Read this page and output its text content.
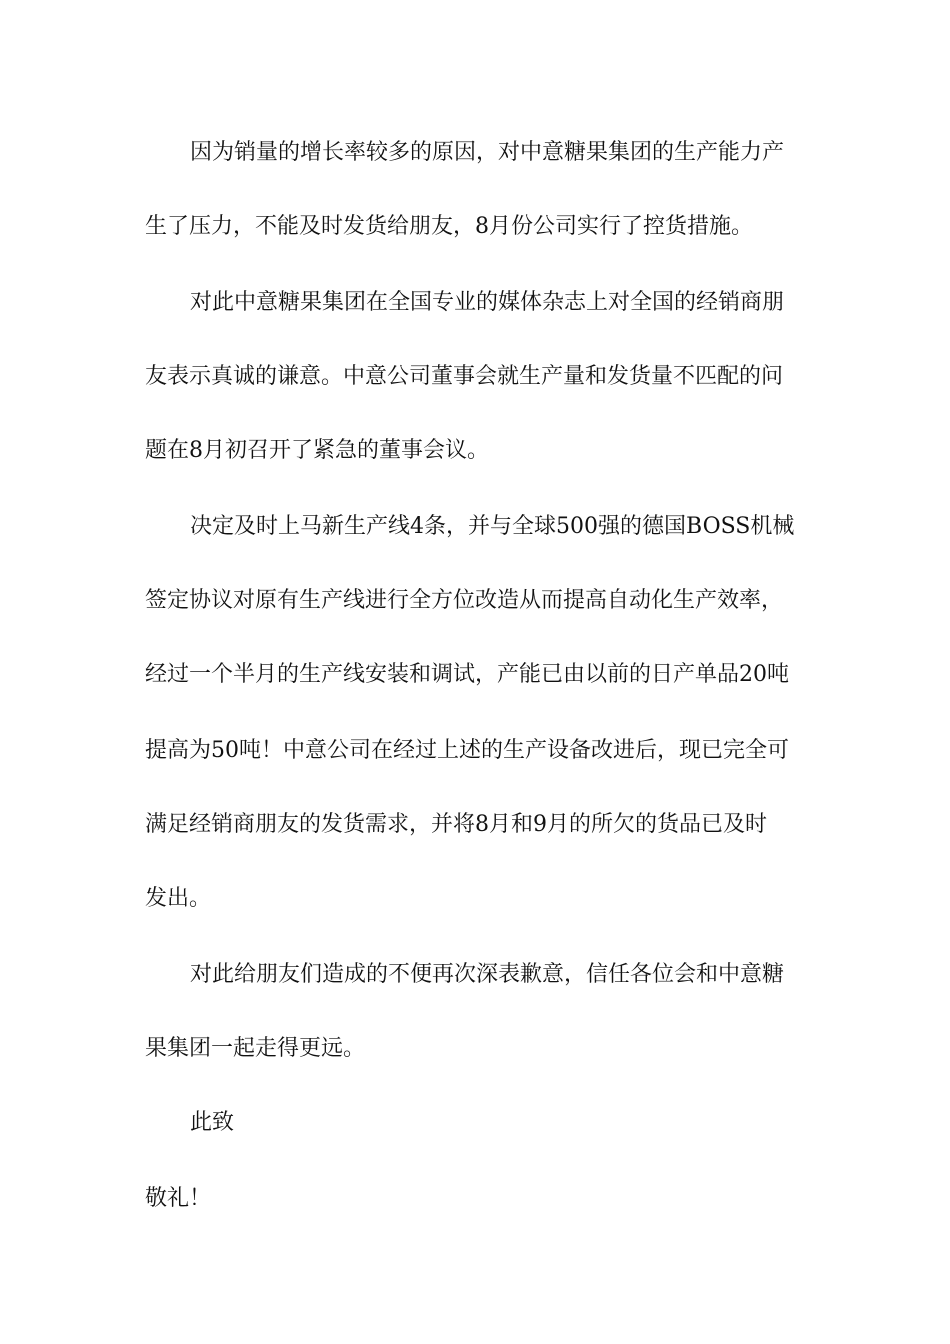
因为销量的增长率较多的原因，对中意糖果集团的生产能力产
生了压力，不能及时发货给朋友，8月份公司实行了控货措施。
对此中意糖果集团在全国专业的媒体杂志上对全国的经销商朋
友表示真诚的谦意。中意公司董事会就生产量和发货量不匹配的问
题在8月初召开了紧急的董事会议。
决定及时上马新生产线4条，并与全球500强的德国BOSS机械
签定协议对原有生产线进行全方位改造从而提高自动化生产效率，
经过一个半月的生产线安装和调试，产能已由以前的日产单品20吨
提高为50吨！中意公司在经过上述的生产设备改进后，现已完全可
满足经销商朋友的发货需求，并将8月和9月的所欠的货品已及时
发出。
对此给朋友们造成的不便再次深表歉意，信任各位会和中意糖
果集团一起走得更远。
此致
敬礼！
